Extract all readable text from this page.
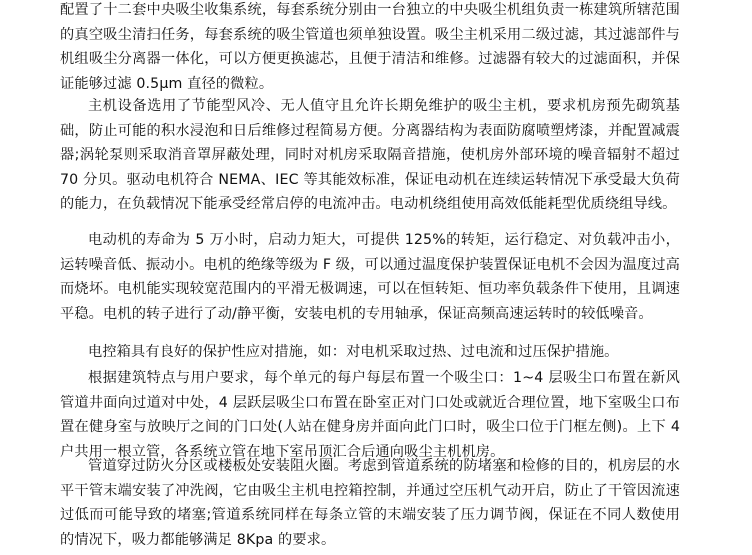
配置了十二套中央吸尘收集系统，每套系统分别由一台独立的中央吸尘机组负责一栋建筑所辖范围的真空吸尘清扫任务，每套系统的吸尘管道也须单独设置。吸尘主机采用二级过滤，其过滤部件与机组吸尘分离器一体化，可以方便更换滤芯，且便于清洁和维修。过滤器有较大的过滤面积，并保证能够过滤 0.5μm 直径的微粒。

主机设备选用了节能型风冷、无人值守且允许长期免维护的吸尘主机，要求机房预先砌筑基础，防止可能的积水浸泡和日后维修过程简易方便。分离器结构为表面防腐喷塑烤漆，并配置减震器;涡轮泵则采取消音罩屏蔽处理，同时对机房采取隔音措施，使机房外部环境的噪音辐射不超过 70 分贝。驱动电机符合 NEMA、IEC 等其能效标准，保证电动机在连续运转情况下承受最大负荷的能力，在负载情况下能承受经常启停的电流冲击。电动机绕组使用高效低能耗型优质绕组导线。

电动机的寿命为 5 万小时，启动力矩大，可提供 125%的转矩，运行稳定、对负载冲击小，运转噪音低、振动小。电机的绝缘等级为 F 级，可以通过温度保护装置保证电机不会因为温度过高而烧坏。电机能实现较宽范围内的平滑无极调速，可以在恒转矩、恒功率负载条件下使用，且调速平稳。电机的转子进行了动/静平衡，安装电机的专用轴承，保证高频高速运转时的较低噪音。

电控箱具有良好的保护性应对措施，如：对电机采取过热、过电流和过压保护措施。

根据建筑特点与用户要求，每个单元的每户每层布置一个吸尘口：1~4 层吸尘口布置在新风管道井面向过道对中处，4 层跃层吸尘口布置在卧室正对门口处或就近合理位置，地下室吸尘口布置在健身室与放映厅之间的门口处(人站在健身房并面向此门口时，吸尘口位于门框左侧)。上下 4 户共用一根立管，各系统立管在地下室吊顶汇合后通向吸尘主机机房。

管道穿过防火分区或楼板处安装阻火圈。考虑到管道系统的防堵塞和检修的目的，机房层的水平干管末端安装了冲洗阀，它由吸尘主机电控箱控制，并通过空压机气动开启，防止了干管因流速过低而可能导致的堵塞;管道系统同样在每条立管的末端安装了压力调节阀，保证在不同人数使用的情况下，吸力都能够满足 8Kpa 的要求。
